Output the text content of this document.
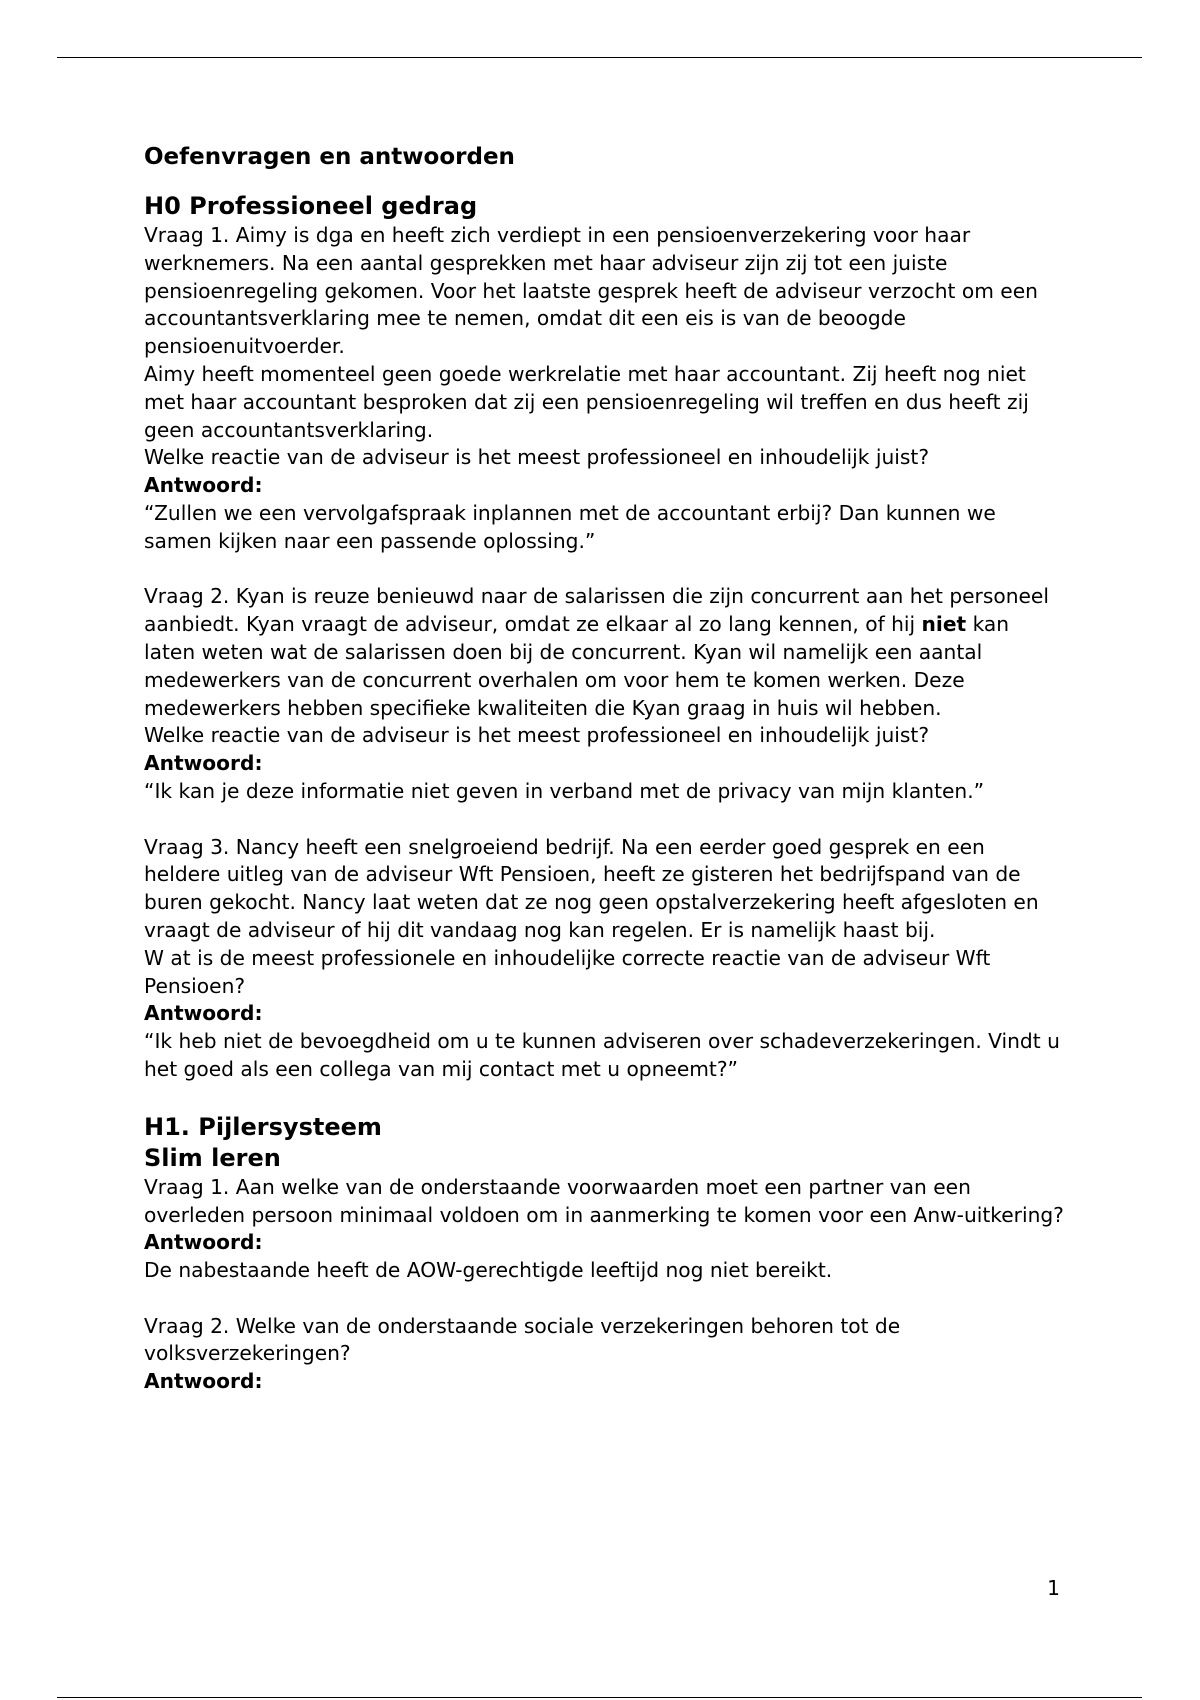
Oefenvragen en antwoorden
H0 Professioneel gedrag
Vraag 1. Aimy is dga en heeft zich verdiept in een pensioenverzekering voor haar werknemers. Na een aantal gesprekken met haar adviseur zijn zij tot een juiste pensioenregeling gekomen. Voor het laatste gesprek heeft de adviseur verzocht om een accountantsverklaring mee te nemen, omdat dit een eis is van de beoogde pensioenuitvoerder.
Aimy heeft momenteel geen goede werkrelatie met haar accountant. Zij heeft nog niet met haar accountant besproken dat zij een pensioenregeling wil treffen en dus heeft zij geen accountantsverklaring.
Welke reactie van de adviseur is het meest professioneel en inhoudelijk juist?
Antwoord:
“Zullen we een vervolgafspraak inplannen met de accountant erbij? Dan kunnen we samen kijken naar een passende oplossing.”
Vraag 2. Kyan is reuze benieuwd naar de salarissen die zijn concurrent aan het personeel aanbiedt. Kyan vraagt de adviseur, omdat ze elkaar al zo lang kennen, of hij niet kan laten weten wat de salarissen doen bij de concurrent. Kyan wil namelijk een aantal medewerkers van de concurrent overhalen om voor hem te komen werken. Deze medewerkers hebben specifieke kwaliteiten die Kyan graag in huis wil hebben.
Welke reactie van de adviseur is het meest professioneel en inhoudelijk juist?
Antwoord:
“Ik kan je deze informatie niet geven in verband met de privacy van mijn klanten.”
Vraag 3. Nancy heeft een snelgroeiend bedrijf. Na een eerder goed gesprek en een heldere uitleg van de adviseur Wft Pensioen, heeft ze gisteren het bedrijfspand van de buren gekocht. Nancy laat weten dat ze nog geen opstalverzekering heeft afgesloten en vraagt de adviseur of hij dit vandaag nog kan regelen. Er is namelijk haast bij.
W at is de meest professionele en inhoudelijke correcte reactie van de adviseur Wft Pensioen?
Antwoord:
“Ik heb niet de bevoegdheid om u te kunnen adviseren over schadeverzekeringen. Vindt u het goed als een collega van mij contact met u opneemt?”
H1. Pijlersysteem
Slim leren
Vraag 1. Aan welke van de onderstaande voorwaarden moet een partner van een overleden persoon minimaal voldoen om in aanmerking te komen voor een Anw-uitkering?
Antwoord:
De nabestaande heeft de AOW-gerechtigde leeftijd nog niet bereikt.
Vraag 2. Welke van de onderstaande sociale verzekeringen behoren tot de volksverzekeringen?
Antwoord:
1
